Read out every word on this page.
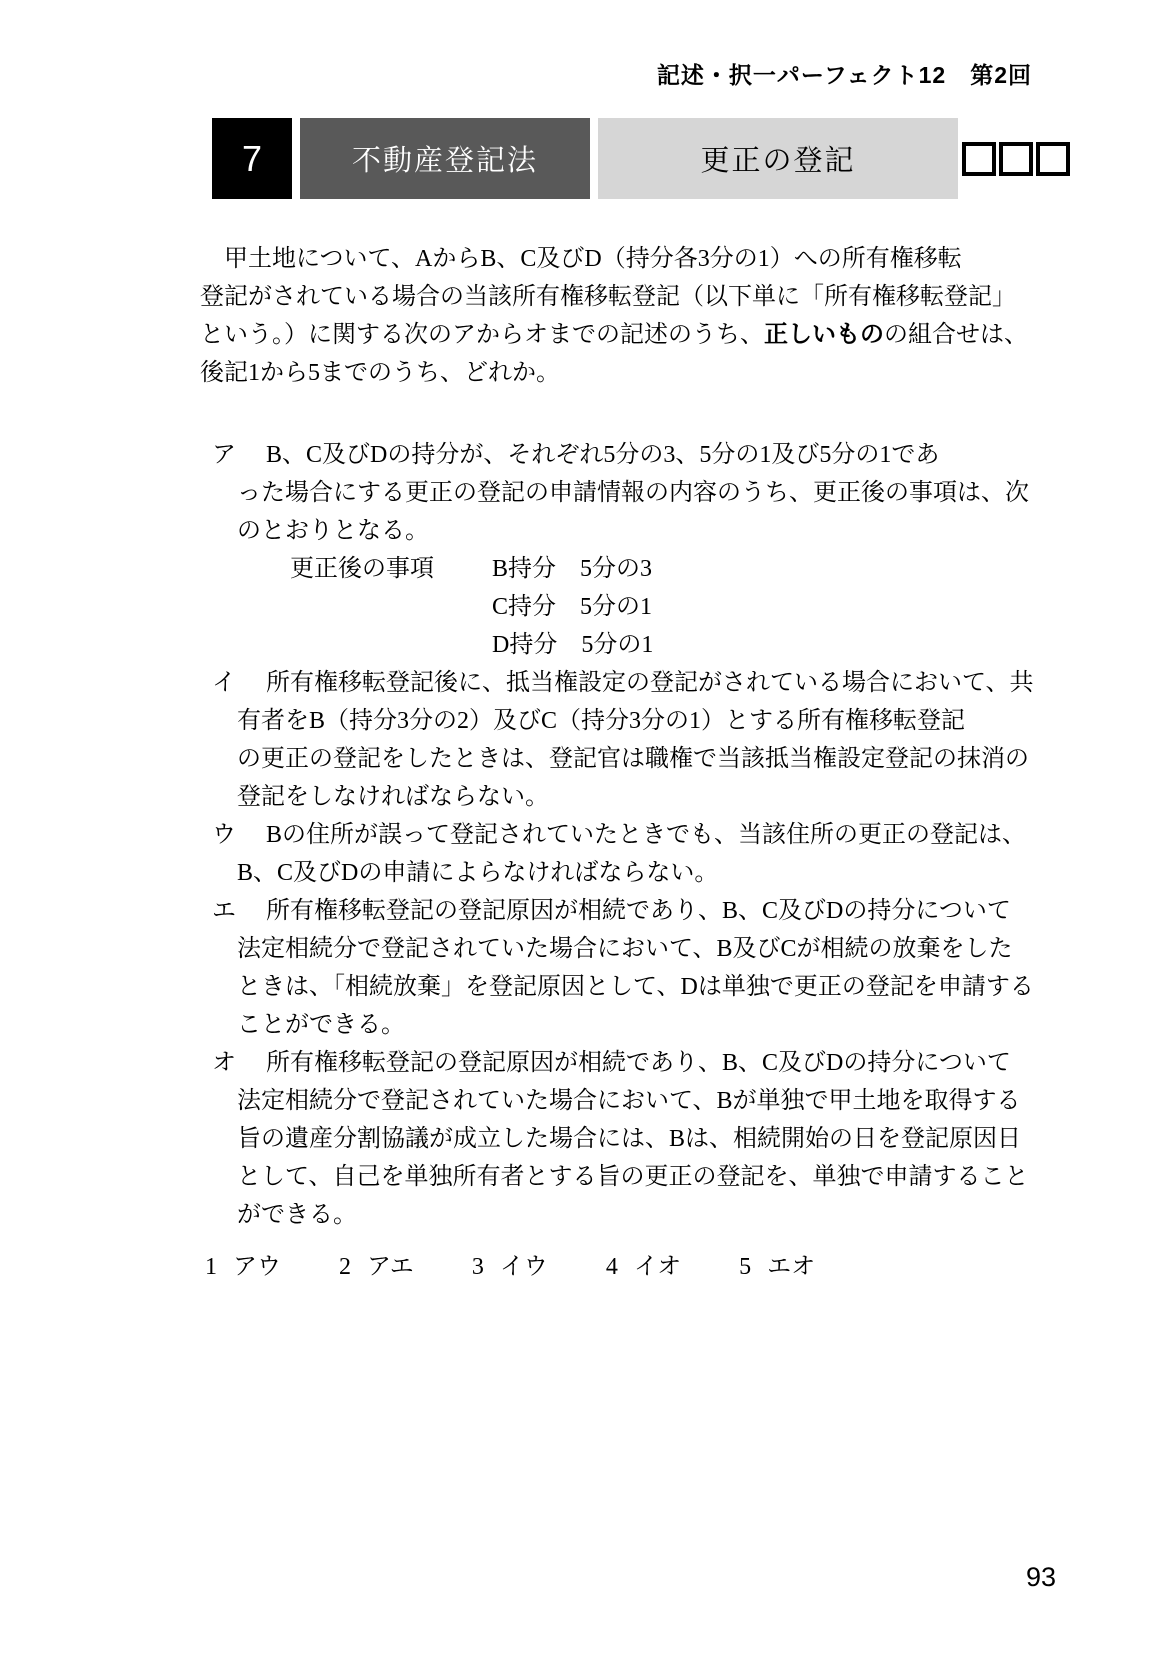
記述・択一パーフェクト12　第2回
7	不動産登記法	更正の登記
　甲土地について、AからB、C及びD（持分各3分の1）への所有権移転
登記がされている場合の当該所有権移転登記（以下単に「所有権移転登記」
という。）に関する次のアからオまでの記述のうち、正しいものの組合せは、
後記1から5までのうち、どれか。
ア B、C及びDの持分が、それぞれ5分の3、5分の1及び5分の1であ
った場合にする更正の登記の申請情報の内容のうち、更正後の事項は、次
のとおりとなる。
更正後の事項 B持分　5分の3
C持分　5分の1
D持分　5分の1
イ 所有権移転登記後に、抵当権設定の登記がされている場合において、共
有者をB（持分3分の2）及びC（持分3分の1）とする所有権移転登記
の更正の登記をしたときは、登記官は職権で当該抵当権設定登記の抹消の
登記をしなければならない。
ウ Bの住所が誤って登記されていたときでも、当該住所の更正の登記は、
B、C及びDの申請によらなければならない。
エ 所有権移転登記の登記原因が相続であり、B、C及びDの持分について
法定相続分で登記されていた場合において、B及びCが相続の放棄をした
ときは、「相続放棄」を登記原因として、Dは単独で更正の登記を申請する
ことができる。
オ 所有権移転登記の登記原因が相続であり、B、C及びDの持分について
法定相続分で登記されていた場合において、Bが単独で甲土地を取得する
旨の遺産分割協議が成立した場合には、Bは、相続開始の日を登記原因日
として、自己を単独所有者とする旨の更正の登記を、単独で申請すること
ができる。
1 アウ 2 アエ 3 イウ 4 イオ 5 エオ
93
